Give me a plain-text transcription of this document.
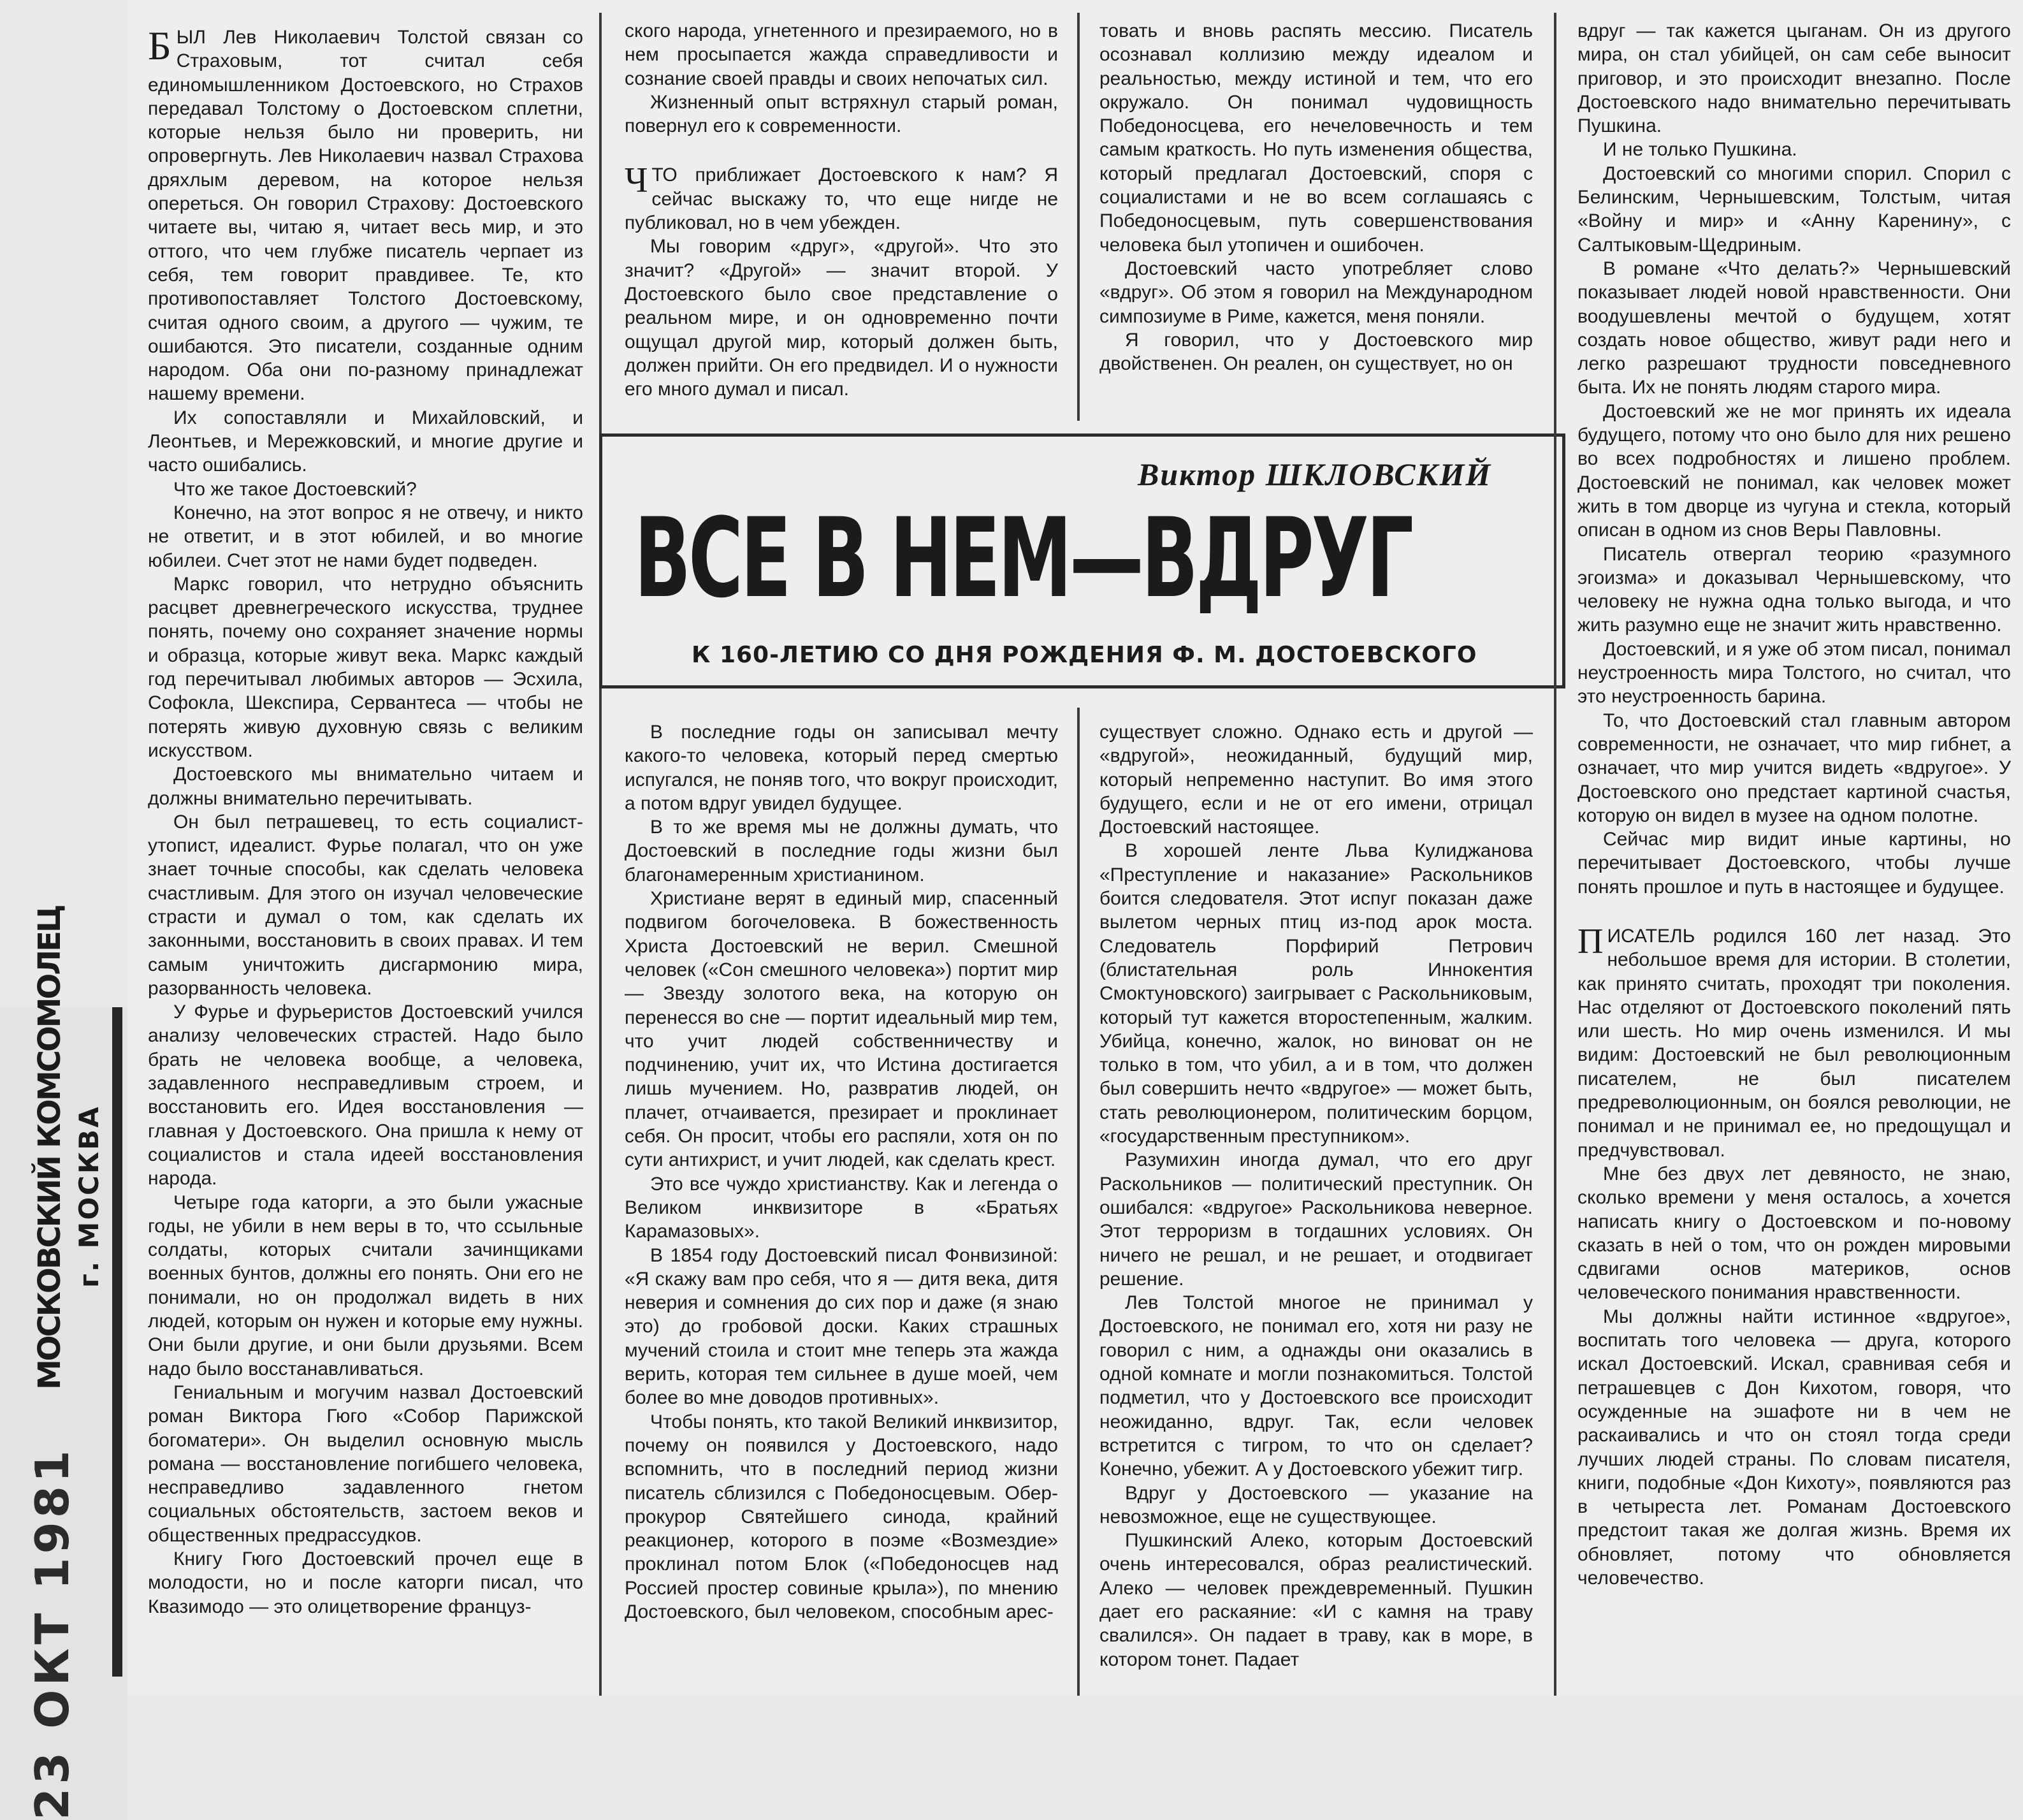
МОСКОВСКИЙ КОМСОМОЛЕЦ г. МОСКВА
23 ОКТ 1981

БЫЛ Лев Николаевич Толстой связан со Страховым, тот считал себя единомышленником Достоевского, но Страхов передавал Толстому о Достоевском сплетни, которые нельзя было ни проверить, ни опровергнуть. Лев Николаевич назвал Страхова дряхлым деревом, на которое нельзя опереться. Он говорил Страхову: Достоевского читаете вы, читаю я, читает весь мир, и это оттого, что чем глубже писатель черпает из себя, тем говорит правдивее. Те, кто противопоставляет Толстого Достоевскому, считая одного своим, а другого — чужим, те ошибаются. Это писатели, созданные одним народом. Оба они по-разному принадлежат нашему времени.

Их сопоставляли и Михайловский, и Леонтьев, и Мережковский, и многие другие и часто ошибались.

Что же такое Достоевский?

Конечно, на этот вопрос я не отвечу, и никто не ответит, и в этот юбилей, и во многие юбилеи. Счет этот не нами будет подведен.

Маркс говорил, что нетрудно объяснить расцвет древнегреческого искусства, труднее понять, почему оно сохраняет значение нормы и образца, которые живут века. Маркс каждый год перечитывал любимых авторов — Эсхила, Софокла, Шекспира, Сервантеса — чтобы не потерять живую духовную связь с великим искусством.

Достоевского мы внимательно читаем и должны внимательно перечитывать.

Он был петрашевец, то есть социалист-утопист, идеалист. Фурье полагал, что он уже знает точные способы, как сделать человека счастливым. Для этого он изучал человеческие страсти и думал о том, как сделать их законными, восстановить в своих правах. И тем самым уничтожить дисгармонию мира, разорванность человека.

У Фурье и фурьеристов Достоевский учился анализу человеческих страстей. Надо было брать не человека вообще, а человека, задавленного несправедливым строем, и восстановить его. Идея восстановления — главная у Достоевского. Она пришла к нему от социалистов и стала идеей восстановления народа.

Четыре года каторги, а это были ужасные годы, не убили в нем веры в то, что ссыльные солдаты, которых считали зачинщиками военных бунтов, должны его понять. Они его не понимали, но он продолжал видеть в них людей, которым он нужен и которые ему нужны. Они были другие, и они были друзьями. Всем надо было восстанавливаться.

Гениальным и могучим назвал Достоевский роман Виктора Гюго «Собор Парижской богоматери». Он выделил основную мысль романа — восстановление погибшего человека, несправедливо задавленного гнетом социальных обстоятельств, застоем веков и общественных предрассудков.

Книгу Гюго Достоевский прочел еще в молодости, но и после каторги писал, что Квазимодо — это олицетворение француз-

ского народа, угнетенного и презираемого, но в нем просыпается жажда справедливости и сознание своей правды и своих непочатых сил.

Жизненный опыт встряхнул старый роман, повернул его к современности.

ЧТО приближает Достоевского к нам? Я сейчас выскажу то, что еще нигде не публиковал, но в чем убежден.

Мы говорим «друг», «другой». Что это значит? «Другой» — значит второй. У Достоевского было свое представление о реальном мире, и он одновременно почти ощущал другой мир, который должен быть, должен прийти. Он его предвидел. И о нужности его много думал и писал.

товать и вновь распять мессию. Писатель осознавал коллизию между идеалом и реальностью, между истиной и тем, что его окружало. Он понимал чудовищность Победоносцева, его нечеловечность и тем самым краткость. Но путь изменения общества, который предлагал Достоевский, споря с социалистами и не во всем соглашаясь с Победоносцевым, путь совершенствования человека был утопичен и ошибочен.

Достоевский часто употребляет слово «вдруг». Об этом я говорил на Международном симпозиуме в Риме, кажется, меня поняли.

Я говорил, что у Достоевского мир двойственен. Он реален, он существует, но он

Виктор ШКЛОВСКИЙ
ВСЕ В НЕМ—ВДРУГ
К 160-ЛЕТИЮ СО ДНЯ РОЖДЕНИЯ Ф. М. ДОСТОЕВСКОГО

В последние годы он записывал мечту какого-то человека, который перед смертью испугался, не поняв того, что вокруг происходит, а потом вдруг увидел будущее.

В то же время мы не должны думать, что Достоевский в последние годы жизни был благонамеренным христианином.

Христиане верят в единый мир, спасенный подвигом богочеловека. В божественность Христа Достоевский не верил. Смешной человек («Сон смешного человека») портит мир — Звезду золотого века, на которую он перенесся во сне — портит идеальный мир тем, что учит людей собственничеству и подчинению, учит их, что Истина достигается лишь мучением. Но, развратив людей, он плачет, отчаивается, презирает и проклинает себя. Он просит, чтобы его распяли, хотя он по сути антихрист, и учит людей, как сделать крест.

Это все чуждо христианству. Как и легенда о Великом инквизиторе в «Братьях Карамазовых».

В 1854 году Достоевский писал Фонвизиной: «Я скажу вам про себя, что я — дитя века, дитя неверия и сомнения до сих пор и даже (я знаю это) до гробовой доски. Каких страшных мучений стоила и стоит мне теперь эта жажда верить, которая тем сильнее в душе моей, чем более во мне доводов противных».

Чтобы понять, кто такой Великий инквизитор, почему он появился у Достоевского, надо вспомнить, что в последний период жизни писатель сблизился с Победоносцевым. Обер-прокурор Святейшего синода, крайний реакционер, которого в поэме «Возмездие» проклинал потом Блок («Победоносцев над Россией простер совиные крыла»), по мнению Достоевского, был человеком, способным арес-

существует сложно. Однако есть и другой — «вдругой», неожиданный, будущий мир, который непременно наступит. Во имя этого будущего, если и не от его имени, отрицал Достоевский настоящее.

В хорошей ленте Льва Кулиджанова «Преступление и наказание» Раскольников боится следователя. Этот испуг показан даже вылетом черных птиц из-под арок моста. Следователь Порфирий Петрович (блистательная роль Иннокентия Смоктуновского) заигрывает с Раскольниковым, который тут кажется второстепенным, жалким. Убийца, конечно, жалок, но виноват он не только в том, что убил, а и в том, что должен был совершить нечто «вдругое» — может быть, стать революционером, политическим борцом, «государственным преступником».

Разумихин иногда думал, что его друг Раскольников — политический преступник. Он ошибался: «вдругое» Раскольникова неверное. Этот терроризм в тогдашних условиях. Он ничего не решал, и не решает, и отодвигает решение.

Лев Толстой многое не принимал у Достоевского, не понимал его, хотя ни разу не говорил с ним, а однажды они оказались в одной комнате и могли познакомиться. Толстой подметил, что у Достоевского все происходит неожиданно, вдруг. Так, если человек встретится с тигром, то что он сделает? Конечно, убежит. А у Достоевского убежит тигр.

Вдруг у Достоевского — указание на невозможное, еще не существующее.

Пушкинский Алеко, которым Достоевский очень интересовался, образ реалистический. Алеко — человек преждевременный. Пушкин дает его раскаяние: «И с камня на траву свалился». Он падает в траву, как в море, в котором тонет. Падает

вдруг — так кажется цыганам. Он из другого мира, он стал убийцей, он сам себе выносит приговор, и это происходит внезапно. После Достоевского надо внимательно перечитывать Пушкина.

И не только Пушкина.

Достоевский со многими спорил. Спорил с Белинским, Чернышевским, Толстым, читая «Войну и мир» и «Анну Каренину», с Салтыковым-Щедриным.

В романе «Что делать?» Чернышевский показывает людей новой нравственности. Они воодушевлены мечтой о будущем, хотят создать новое общество, живут ради него и легко разрешают трудности повседневного быта. Их не понять людям старого мира.

Достоевский же не мог принять их идеала будущего, потому что оно было для них решено во всех подробностях и лишено проблем. Достоевский не понимал, как человек может жить в том дворце из чугуна и стекла, который описан в одном из снов Веры Павловны.

Писатель отвергал теорию «разумного эгоизма» и доказывал Чернышевскому, что человеку не нужна одна только выгода, и что жить разумно еще не значит жить нравственно.

Достоевский, и я уже об этом писал, понимал неустроенность мира Толстого, но считал, что это неустроенность барина.

То, что Достоевский стал главным автором современности, не означает, что мир гибнет, а означает, что мир учится видеть «вдругое». У Достоевского оно предстает картиной счастья, которую он видел в музее на одном полотне.

Сейчас мир видит иные картины, но перечитывает Достоевского, чтобы лучше понять прошлое и путь в настоящее и будущее.

ПИСАТЕЛЬ родился 160 лет назад. Это небольшое время для истории. В столетии, как принято считать, проходят три поколения. Нас отделяют от Достоевского поколений пять или шесть. Но мир очень изменился. И мы видим: Достоевский не был революционным писателем, не был писателем предреволюционным, он боялся революции, не понимал и не принимал ее, но предощущал и предчувствовал.

Мне без двух лет девяносто, не знаю, сколько времени у меня осталось, а хочется написать книгу о Достоевском и по-новому сказать в ней о том, что он рожден мировыми сдвигами основ материков, основ человеческого понимания нравственности.

Мы должны найти истинное «вдругое», воспитать того человека — друга, которого искал Достоевский. Искал, сравнивая себя и петрашевцев с Дон Кихотом, говоря, что осужденные на эшафоте ни в чем не раскаивались и что он стоял тогда среди лучших людей страны. По словам писателя, книги, подобные «Дон Кихоту», появляются раз в четыреста лет. Романам Достоевского предстоит такая же долгая жизнь. Время их обновляет, потому что обновляется человечество.
